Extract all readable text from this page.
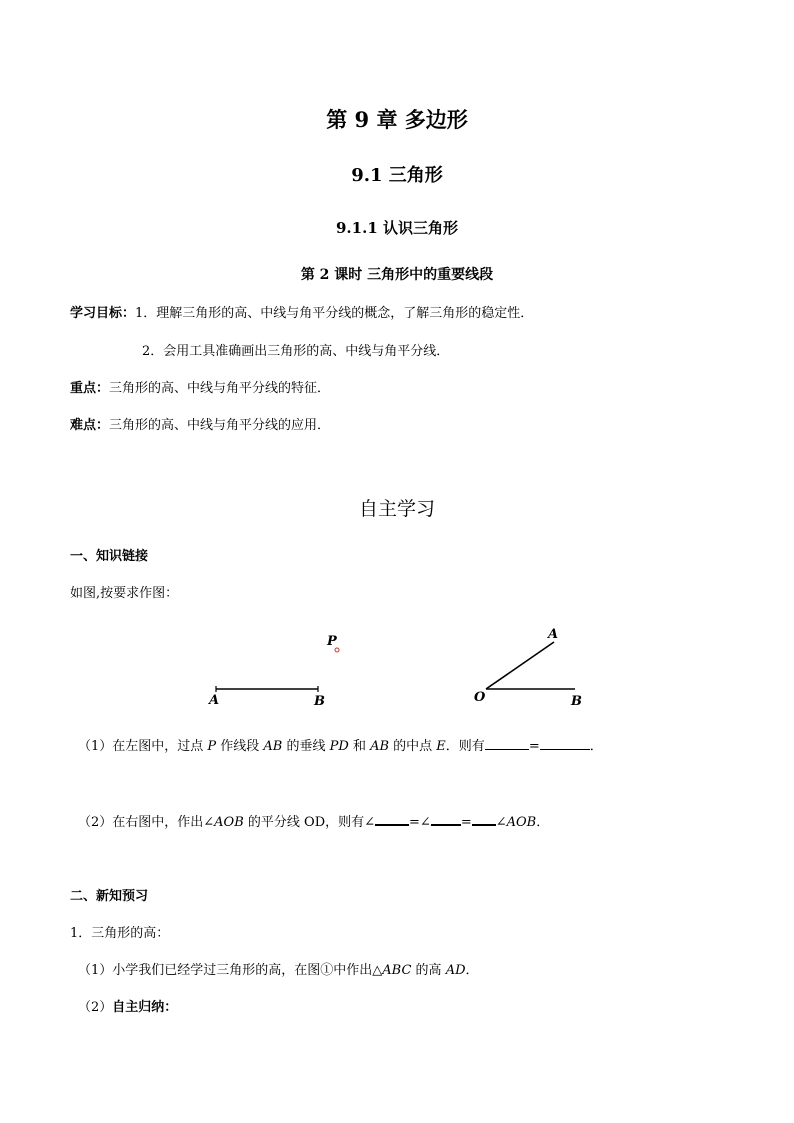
第 9 章 多边形
9.1 三角形
9.1.1 认识三角形
第 2 课时 三角形中的重要线段
学习目标：1．理解三角形的高、中线与角平分线的概念，了解三角形的稳定性．
2．会用工具准确画出三角形的高、中线与角平分线．
重点：三角形的高、中线与角平分线的特征．
难点：三角形的高、中线与角平分线的应用．
自主学习
一、知识链接
如图,按要求作图：
P
A	B
A
O	B
（1）在左图中，过点 P 作线段 AB 的垂线 PD 和 AB 的中点 E．则有	=	．
（2）在右图中，作出∠AOB 的平分线 OD，则有∠	=∠ = ∠AOB．
二、新知预习
1．三角形的高：
（1）小学我们已经学过三角形的高，在图①中作出△ABC 的高 AD．
（2）自主归纳：
